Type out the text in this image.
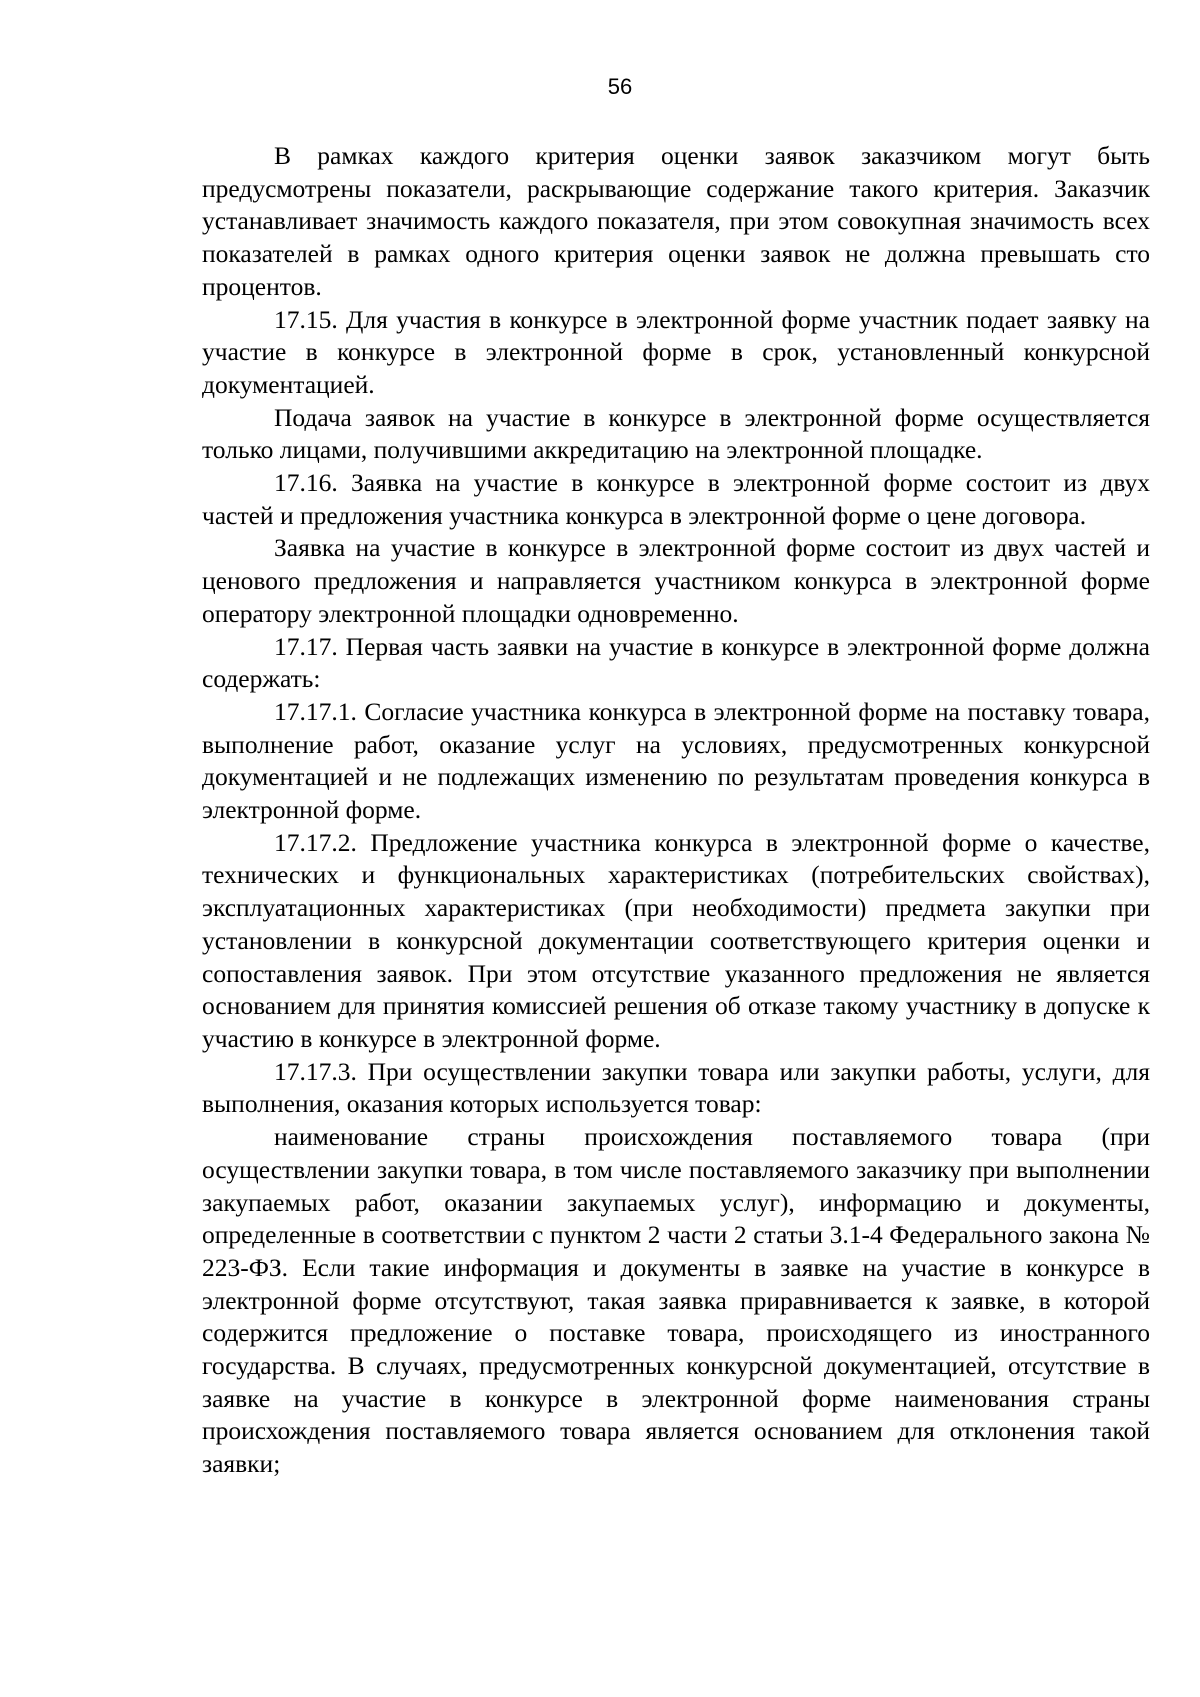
56

В рамках каждого критерия оценки заявок заказчиком могут быть предусмотрены показатели, раскрывающие содержание такого критерия. Заказчик устанавливает значимость каждого показателя, при этом совокупная значимость всех показателей в рамках одного критерия оценки заявок не должна превышать сто процентов.

17.15. Для участия в конкурсе в электронной форме участник подает заявку на участие в конкурсе в электронной форме в срок, установленный конкурсной документацией.

Подача заявок на участие в конкурсе в электронной форме осуществляется только лицами, получившими аккредитацию на электронной площадке.

17.16. Заявка на участие в конкурсе в электронной форме состоит из двух частей и предложения участника конкурса в электронной форме о цене договора.

Заявка на участие в конкурсе в электронной форме состоит из двух частей и ценового предложения и направляется участником конкурса в электронной форме оператору электронной площадки одновременно.

17.17. Первая часть заявки на участие в конкурсе в электронной форме должна содержать:

17.17.1. Согласие участника конкурса в электронной форме на поставку товара, выполнение работ, оказание услуг на условиях, предусмотренных конкурсной документацией и не подлежащих изменению по результатам проведения конкурса в электронной форме.

17.17.2. Предложение участника конкурса в электронной форме о качестве, технических и функциональных характеристиках (потребительских свойствах), эксплуатационных характеристиках (при необходимости) предмета закупки при установлении в конкурсной документации соответствующего критерия оценки и сопоставления заявок. При этом отсутствие указанного предложения не является основанием для принятия комиссией решения об отказе такому участнику в допуске к участию в конкурсе в электронной форме.

17.17.3. При осуществлении закупки товара или закупки работы, услуги, для выполнения, оказания которых используется товар:

наименование страны происхождения поставляемого товара (при осуществлении закупки товара, в том числе поставляемого заказчику при выполнении закупаемых работ, оказании закупаемых услуг), информацию и документы, определенные в соответствии с пунктом 2 части 2 статьи 3.1-4 Федерального закона № 223-ФЗ. Если такие информация и документы в заявке на участие в конкурсе в электронной форме отсутствуют, такая заявка приравнивается к заявке, в которой содержится предложение о поставке товара, происходящего из иностранного государства. В случаях, предусмотренных конкурсной документацией, отсутствие в заявке на участие в конкурсе в электронной форме наименования страны происхождения поставляемого товара является основанием для отклонения такой заявки;
